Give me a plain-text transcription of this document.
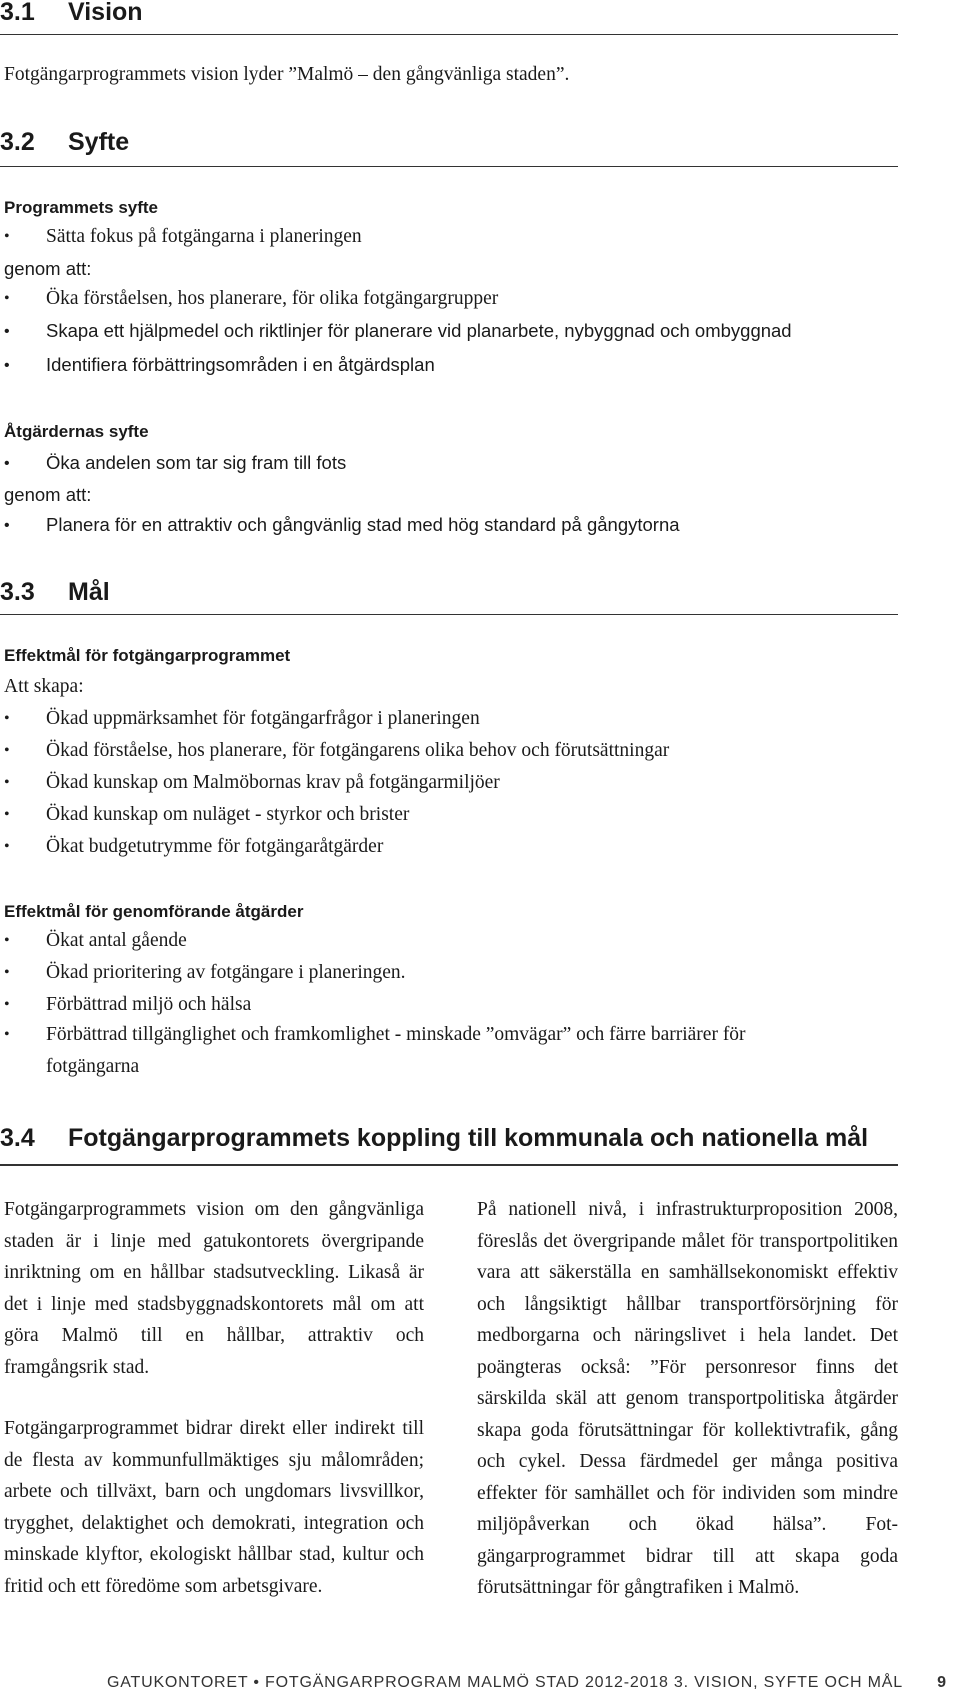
3.1 Vision

Fotgängarprogrammets vision lyder ”Malmö – den gångvänliga staden”.

3.2 Syfte

Programmets syfte

• Sätta fokus på fotgängarna i planeringen

genom att:

• Öka förståelsen, hos planerare, för olika fotgängargrupper

• Skapa ett hjälpmedel och riktlinjer för planerare vid planarbete, nybyggnad och ombyggnad

• Identifiera förbättringsområden i en åtgärdsplan

Åtgärdernas syfte

• Öka andelen som tar sig fram till fots

genom att:

• Planera för en attraktiv och gångvänlig stad med hög standard på gångytorna

3.3 Mål

Effektmål för fotgängarprogrammet

Att skapa:

• Ökad uppmärksamhet för fotgängarfrågor i planeringen

• Ökad förståelse, hos planerare, för fotgängarens olika behov och förutsättningar

• Ökad kunskap om Malmöbornas krav på fotgängarmiljöer

• Ökad kunskap om nuläget - styrkor och brister

• Ökat budgetutrymme för fotgängaråtgärder

Effektmål för genomförande åtgärder

• Ökat antal gående

• Ökad prioritering av fotgängare i planeringen.

• Förbättrad miljö och hälsa

• Förbättrad tillgänglighet och framkomlighet - minskade ”omvägar” och färre barriärer för

fotgängarna

3.4 Fotgängarprogrammets koppling till kommunala och nationella mål

Fotgängarprogrammets vision om den gångvänliga staden är i linje med gatukontorets övergripande inriktning om en hållbar stadsutveckling. Likaså är det i linje med stadsbyggnadskontorets mål om att göra Malmö till en hållbar, attraktiv och framgångsrik stad.

Fotgängarprogrammet bidrar direkt eller indirekt till de flesta av kommunfullmäktiges sju målområden; arbete och tillväxt, barn och ungdomars livsvillkor, trygghet, delaktighet och demokrati, integration och minskade klyftor, ekologiskt hållbar stad, kultur och fritid och ett föredöme som arbetsgivare.

På nationell nivå, i infrastrukturproposition 2008, föreslås det övergripande målet för transportpolitiken vara att säkerställa en samhällsekonomiskt effektiv och långsiktigt hållbar transportförsörjning för medborgarna och näringslivet i hela landet. Det poängteras också: ”För personresor finns det särskilda skäl att genom transportpolitiska åtgärder skapa goda förutsättningar för kollektivtrafik, gång och cykel. Dessa färdmedel ger många positiva effekter för samhället och för individen som mindre miljöpåverkan och ökad hälsa”. Fotgängarprogrammet bidrar till att skapa goda förutsättningar för gångtrafiken i Malmö.

GATUKONTORET • FOTGÄNGARPROGRAM MALMÖ STAD 2012-2018 3. VISION, SYFTE OCH MÅL 9
